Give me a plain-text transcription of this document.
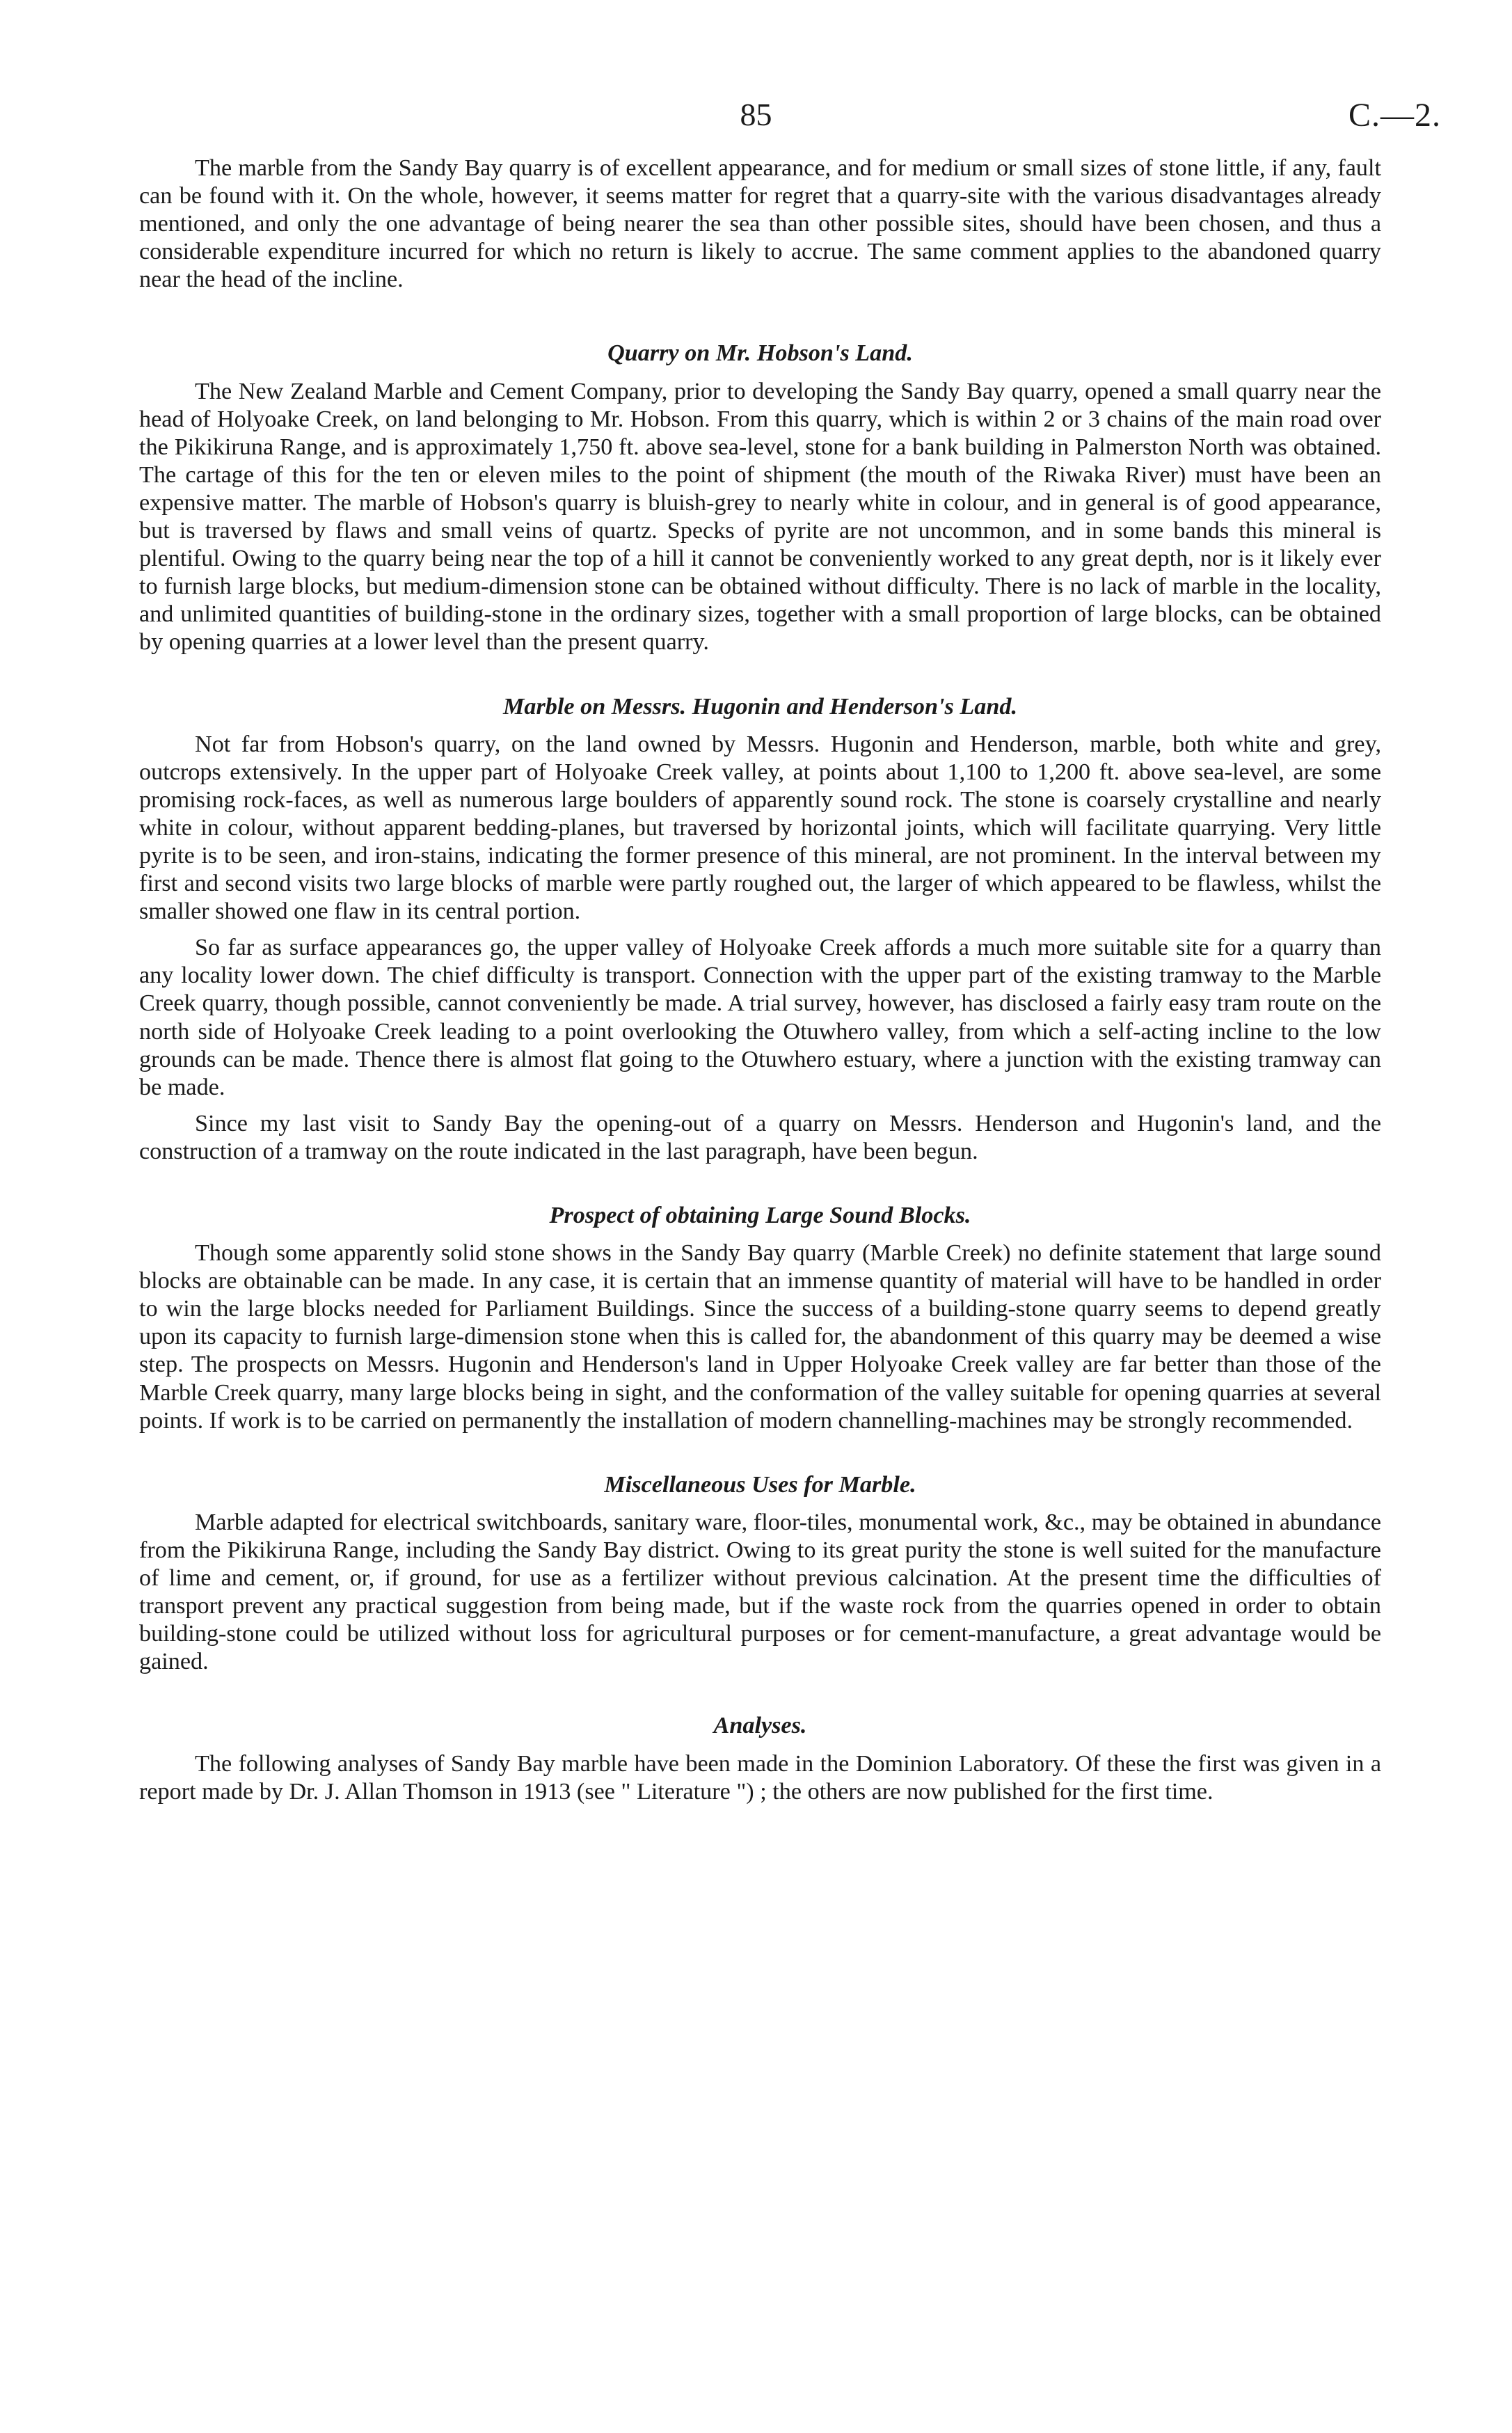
85	C.—2.

The marble from the Sandy Bay quarry is of excellent appearance, and for medium or small sizes of stone little, if any, fault can be found with it. On the whole, however, it seems matter for regret that a quarry-site with the various disadvantages already mentioned, and only the one advantage of being nearer the sea than other possible sites, should have been chosen, and thus a considerable expenditure incurred for which no return is likely to accrue. The same comment applies to the abandoned quarry near the head of the incline.

Quarry on Mr. Hobson's Land.

The New Zealand Marble and Cement Company, prior to developing the Sandy Bay quarry, opened a small quarry near the head of Holyoake Creek, on land belonging to Mr. Hobson. From this quarry, which is within 2 or 3 chains of the main road over the Pikikiruna Range, and is approximately 1,750 ft. above sea-level, stone for a bank building in Palmerston North was obtained. The cartage of this for the ten or eleven miles to the point of shipment (the mouth of the Riwaka River) must have been an expensive matter. The marble of Hobson's quarry is bluish-grey to nearly white in colour, and in general is of good appearance, but is traversed by flaws and small veins of quartz. Specks of pyrite are not uncommon, and in some bands this mineral is plentiful. Owing to the quarry being near the top of a hill it cannot be conveniently worked to any great depth, nor is it likely ever to furnish large blocks, but medium-dimension stone can be obtained without difficulty. There is no lack of marble in the locality, and unlimited quantities of building-stone in the ordinary sizes, together with a small proportion of large blocks, can be obtained by opening quarries at a lower level than the present quarry.

Marble on Messrs. Hugonin and Henderson's Land.

Not far from Hobson's quarry, on the land owned by Messrs. Hugonin and Henderson, marble, both white and grey, outcrops extensively. In the upper part of Holyoake Creek valley, at points about 1,100 to 1,200 ft. above sea-level, are some promising rock-faces, as well as numerous large boulders of apparently sound rock. The stone is coarsely crystalline and nearly white in colour, without apparent bedding-planes, but traversed by horizontal joints, which will facilitate quarrying. Very little pyrite is to be seen, and iron-stains, indicating the former presence of this mineral, are not prominent. In the interval between my first and second visits two large blocks of marble were partly roughed out, the larger of which appeared to be flawless, whilst the smaller showed one flaw in its central portion.

So far as surface appearances go, the upper valley of Holyoake Creek affords a much more suitable site for a quarry than any locality lower down. The chief difficulty is transport. Connection with the upper part of the existing tramway to the Marble Creek quarry, though possible, cannot conveniently be made. A trial survey, however, has disclosed a fairly easy tram route on the north side of Holyoake Creek leading to a point overlooking the Otuwhero valley, from which a self-acting incline to the low grounds can be made. Thence there is almost flat going to the Otuwhero estuary, where a junction with the existing tramway can be made.

Since my last visit to Sandy Bay the opening-out of a quarry on Messrs. Henderson and Hugonin's land, and the construction of a tramway on the route indicated in the last paragraph, have been begun.

Prospect of obtaining Large Sound Blocks.

Though some apparently solid stone shows in the Sandy Bay quarry (Marble Creek) no definite statement that large sound blocks are obtainable can be made. In any case, it is certain that an immense quantity of material will have to be handled in order to win the large blocks needed for Parliament Buildings. Since the success of a building-stone quarry seems to depend greatly upon its capacity to furnish large-dimension stone when this is called for, the abandonment of this quarry may be deemed a wise step. The prospects on Messrs. Hugonin and Henderson's land in Upper Holyoake Creek valley are far better than those of the Marble Creek quarry, many large blocks being in sight, and the conformation of the valley suitable for opening quarries at several points. If work is to be carried on permanently the installation of modern channelling-machines may be strongly recommended.

Miscellaneous Uses for Marble.

Marble adapted for electrical switchboards, sanitary ware, floor-tiles, monumental work, &c., may be obtained in abundance from the Pikikiruna Range, including the Sandy Bay district. Owing to its great purity the stone is well suited for the manufacture of lime and cement, or, if ground, for use as a fertilizer without previous calcination. At the present time the difficulties of transport prevent any practical suggestion from being made, but if the waste rock from the quarries opened in order to obtain building-stone could be utilized without loss for agricultural purposes or for cement-manufacture, a great advantage would be gained.

Analyses.

The following analyses of Sandy Bay marble have been made in the Dominion Laboratory. Of these the first was given in a report made by Dr. J. Allan Thomson in 1913 (see " Literature ") ; the others are now published for the first time.
